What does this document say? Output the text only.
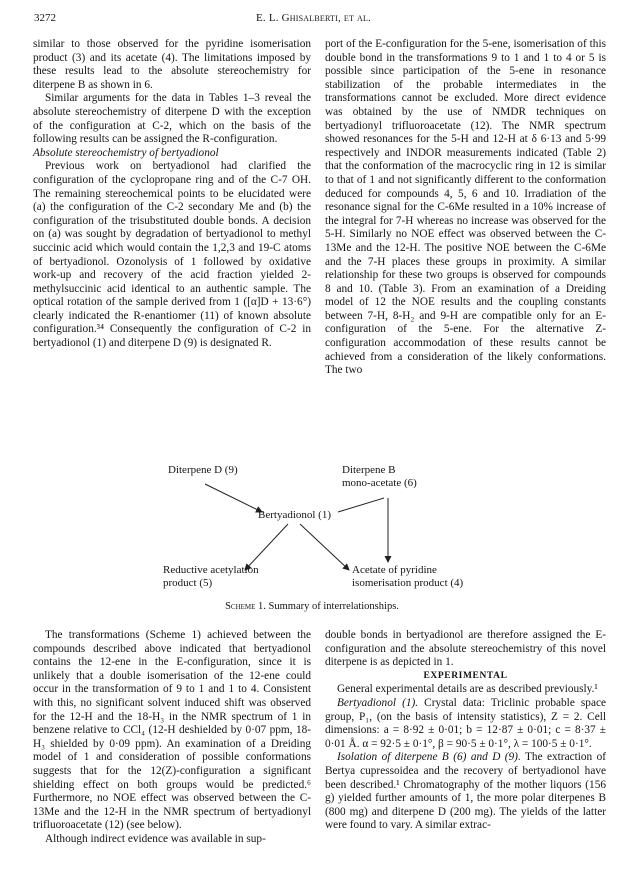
3272	E. L. Ghisalberti, et al.

similar to those observed for the pyridine isomerisation product (3) and its acetate (4). The limitations imposed by these results lead to the absolute stereochemistry for diterpene B as shown in 6.

Similar arguments for the data in Tables 1–3 reveal the absolute stereochemistry of diterpene D with the exception of the configuration at C-2, which on the basis of the following results can be assigned the R-configuration.

Absolute stereochemistry of bertyadionol

Previous work on bertyadionol had clarified the configuration of the cyclopropane ring and of the C-7 OH. The remaining stereochemical points to be elucidated were (a) the configuration of the C-2 secondary Me and (b) the configuration of the trisubstituted double bonds. A decision on (a) was sought by degradation of bertyadionol to methyl succinic acid which would contain the 1,2,3 and 19-C atoms of bertyadionol. Ozonolysis of 1 followed by oxidative work-up and recovery of the acid fraction yielded 2-methylsuccinic acid identical to an authentic sample. The optical rotation of the sample derived from 1 ([α]D + 13·6°) clearly indicated the R-enantiomer (11) of known absolute configuration.³⁴ Consequently the configuration of C-2 in bertyadionol (1) and diterpene D (9) is designated R.

port of the E-configuration for the 5-ene, isomerisation of this double bond in the transformations 9 to 1 and 1 to 4 or 5 is possible since participation of the 5-ene in resonance stabilization of the probable intermediates in the transformations cannot be excluded. More direct evidence was obtained by the use of NMDR techniques on bertyadionyl trifluoroacetate (12). The NMR spectrum showed resonances for the 5-H and 12-H at δ 6·13 and 5·99 respectively and INDOR measurements indicated (Table 2) that the conformation of the macrocyclic ring in 12 is similar to that of 1 and not significantly different to the conformation deduced for compounds 4, 5, 6 and 10. Irradiation of the resonance signal for the C-6Me resulted in a 10% increase of the integral for 7-H whereas no increase was observed for the 5-H. Similarly no NOE effect was observed between the C-13Me and the 12-H. The positive NOE between the C-6Me and the 7-H places these groups in proximity. A similar relationship for these two groups is observed for compounds 8 and 10. (Table 3). From an examination of a Dreiding model of 12 the NOE results and the coupling constants between 7-H, 8-H₂ and 9-H are compatible only for an E-configuration of the 5-ene. For the alternative Z- configuration accommodation of these results cannot be achieved from a consideration of the likely conformations. The two

Diterpene D (9)	Diterpene B
mono-acetate (6)
Bertyadionol (1)
Reductive acetylation
product (5)
Acetate of pyridine
isomerisation product (4)
Scheme 1. Summary of interrelationships.

The transformations (Scheme 1) achieved between the compounds described above indicated that bertyadionol contains the 12-ene in the E-configuration, since it is unlikely that a double isomerisation of the 12-ene could occur in the transformation of 9 to 1 and 1 to 4. Consistent with this, no significant solvent induced shift was observed for the 12-H and the 18-H₃ in the NMR spectrum of 1 in benzene relative to CCl₄ (12-H deshielded by 0·07 ppm, 18-H₃ shielded by 0·09 ppm). An examination of a Dreiding model of 1 and consideration of possible conformations suggests that for the 12(Z)-configuration a significant shielding effect on both groups would be predicted.⁶ Furthermore, no NOE effect was observed between the C-13Me and the 12-H in the NMR spectrum of bertyadionyl trifluoroacetate (12) (see below).

Although indirect evidence was available in sup-

double bonds in bertyadionol are therefore assigned the E-configuration and the absolute stereochemistry of this novel diterpene is as depicted in 1.

EXPERIMENTAL

General experimental details are as described previously.¹

Bertyadionol (1). Crystal data: Triclinic probable space group, P₁, (on the basis of intensity statistics), Z = 2. Cell dimensions: a = 8·92 ± 0·01; b = 12·87 ± 0·01; c = 8·37 ± 0·01 Å. α = 92·5 ± 0·1°, β = 90·5 ± 0·1°, λ = 100·5 ± 0·1°.

Isolation of diterpene B (6) and D (9). The extraction of Bertya cupressoidea and the recovery of bertyadionol have been described.¹ Chromatography of the mother liquors (156 g) yielded further amounts of 1, the more polar diterpenes B (800 mg) and diterpene D (200 mg). The yields of the latter were found to vary. A similar extrac-
